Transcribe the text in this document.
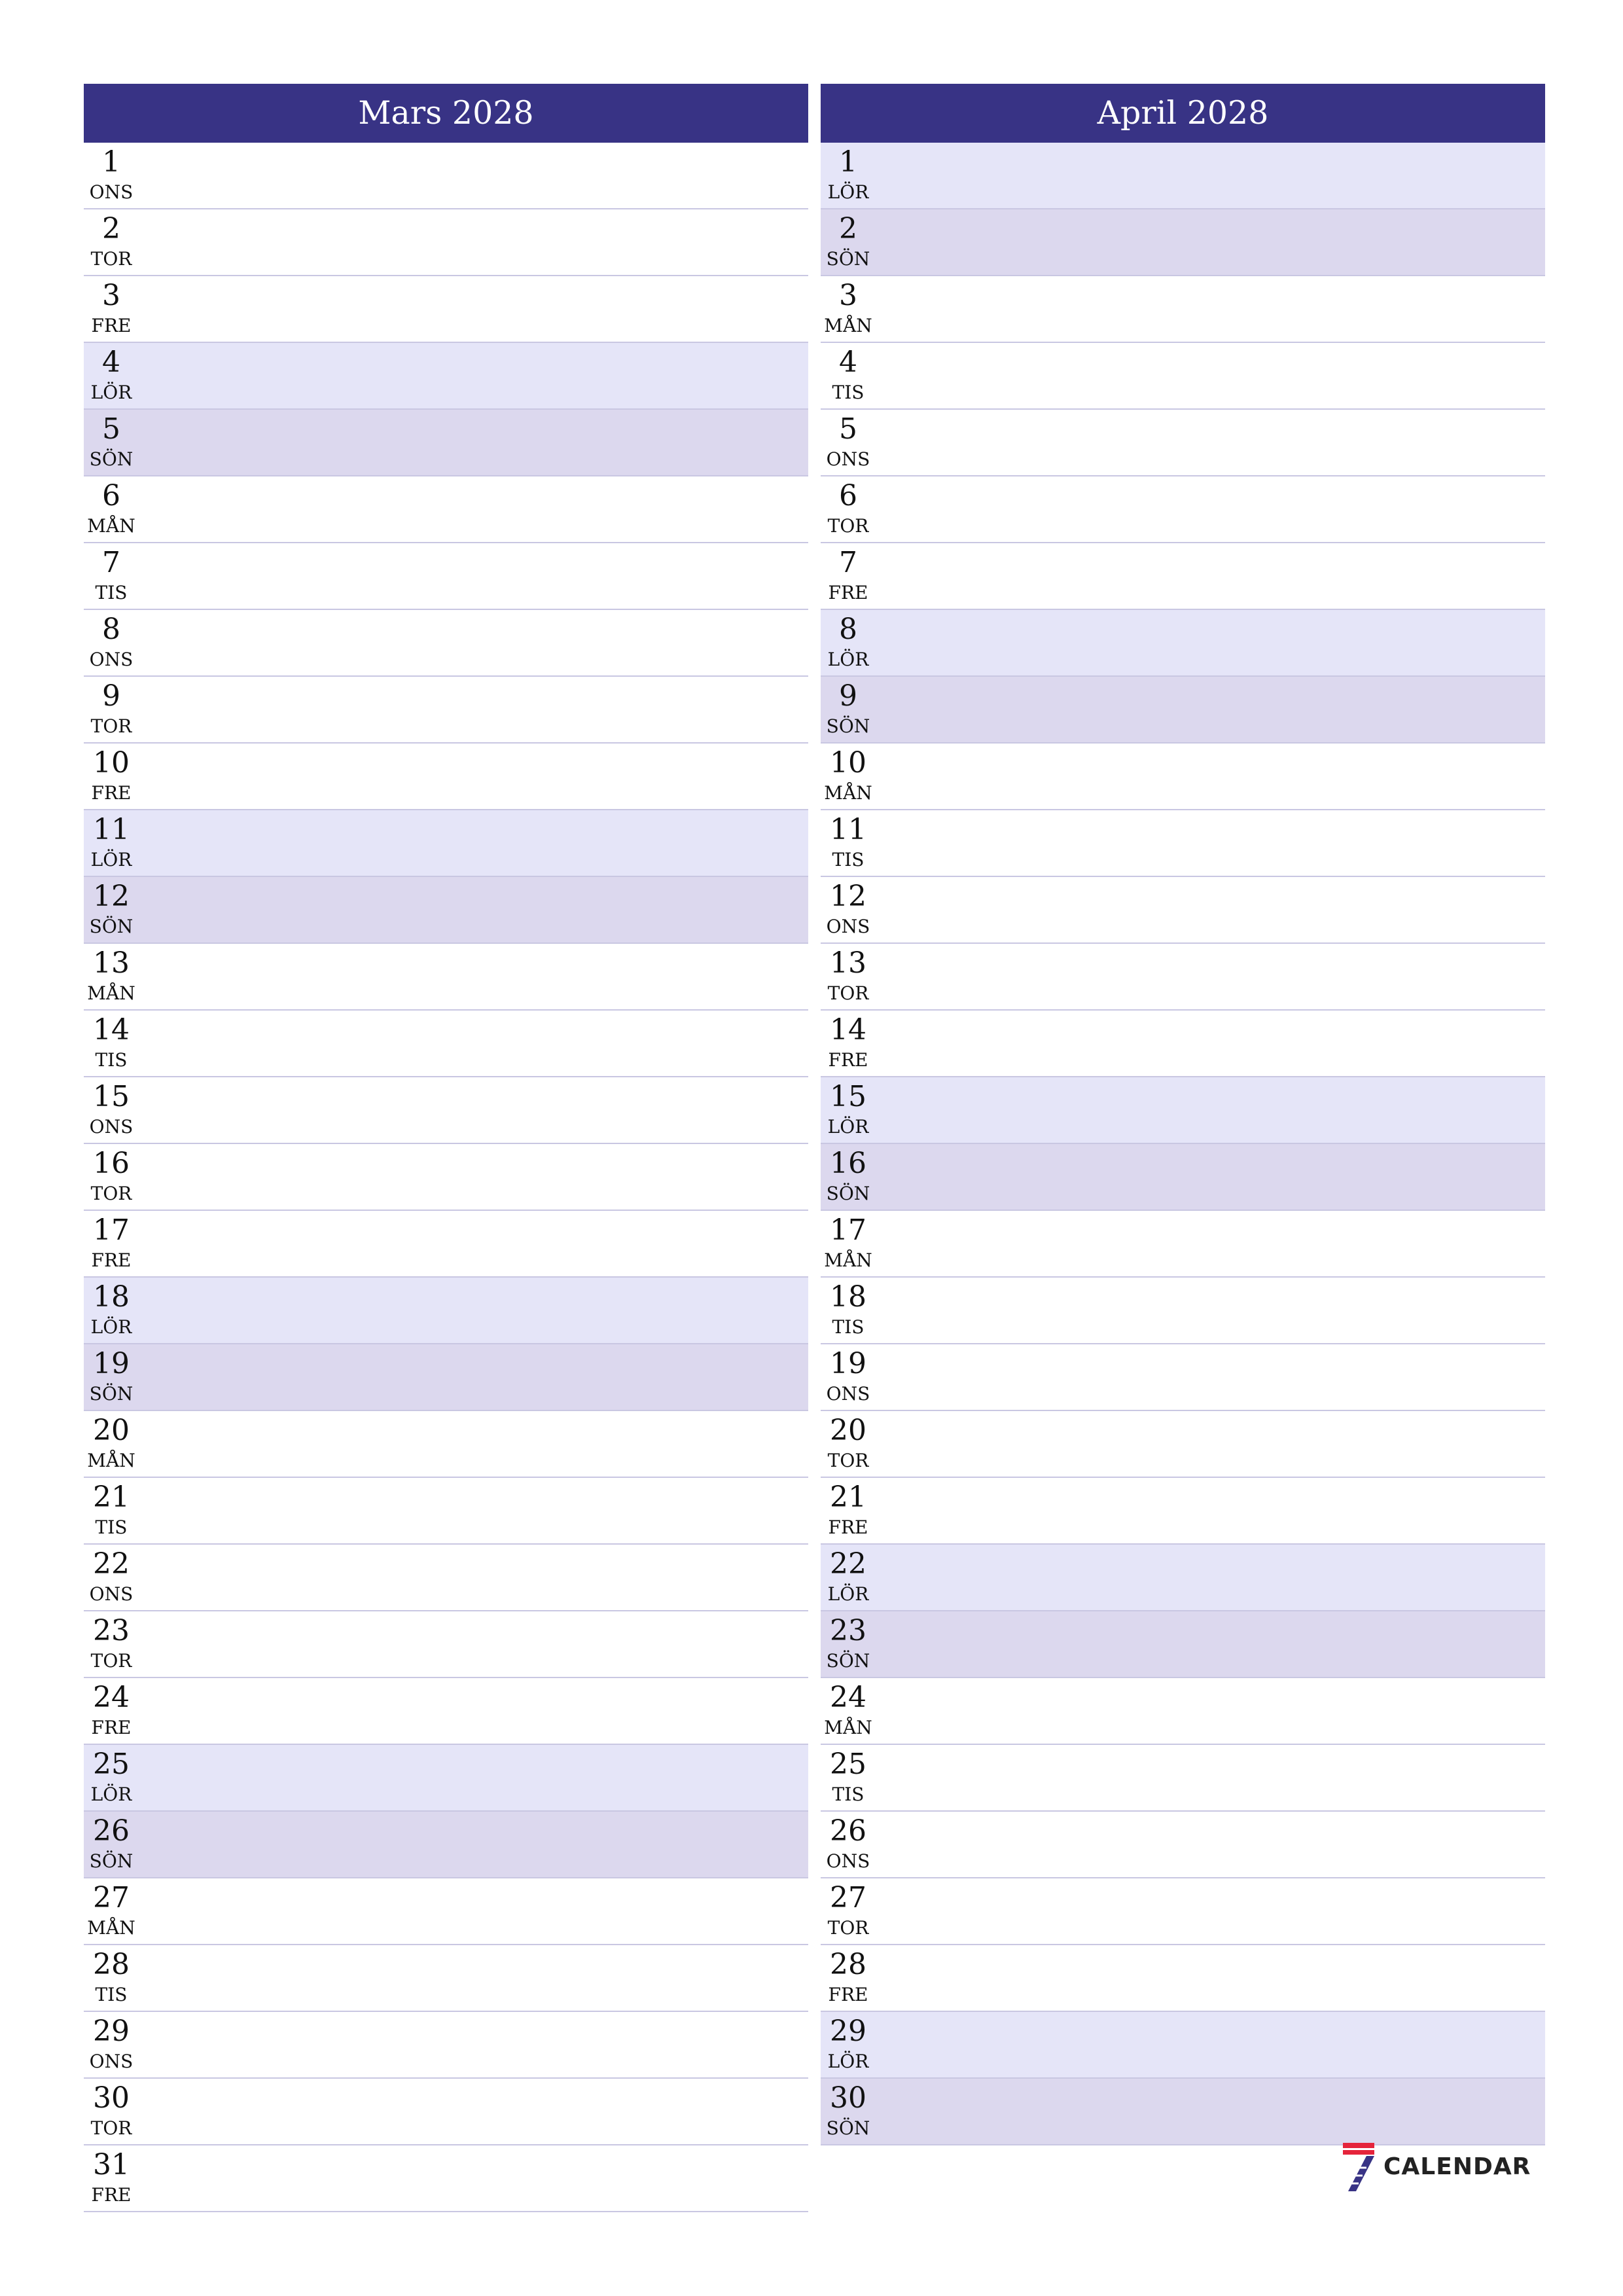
Mars 2028
1
ONS
2
TOR
3
FRE
4
LÖR
5
SÖN
6
MÅN
7
TIS
8
ONS
9
TOR
10
FRE
11
LÖR
12
SÖN
13
MÅN
14
TIS
15
ONS
16
TOR
17
FRE
18
LÖR
19
SÖN
20
MÅN
21
TIS
22
ONS
23
TOR
24
FRE
25
LÖR
26
SÖN
27
MÅN
28
TIS
29
ONS
30
TOR
31
FRE
April 2028
1
LÖR
2
SÖN
3
MÅN
4
TIS
5
ONS
6
TOR
7
FRE
8
LÖR
9
SÖN
10
MÅN
11
TIS
12
ONS
13
TOR
14
FRE
15
LÖR
16
SÖN
17
MÅN
18
TIS
19
ONS
20
TOR
21
FRE
22
LÖR
23
SÖN
24
MÅN
25
TIS
26
ONS
27
TOR
28
FRE
29
LÖR
30
SÖN
CALENDAR
